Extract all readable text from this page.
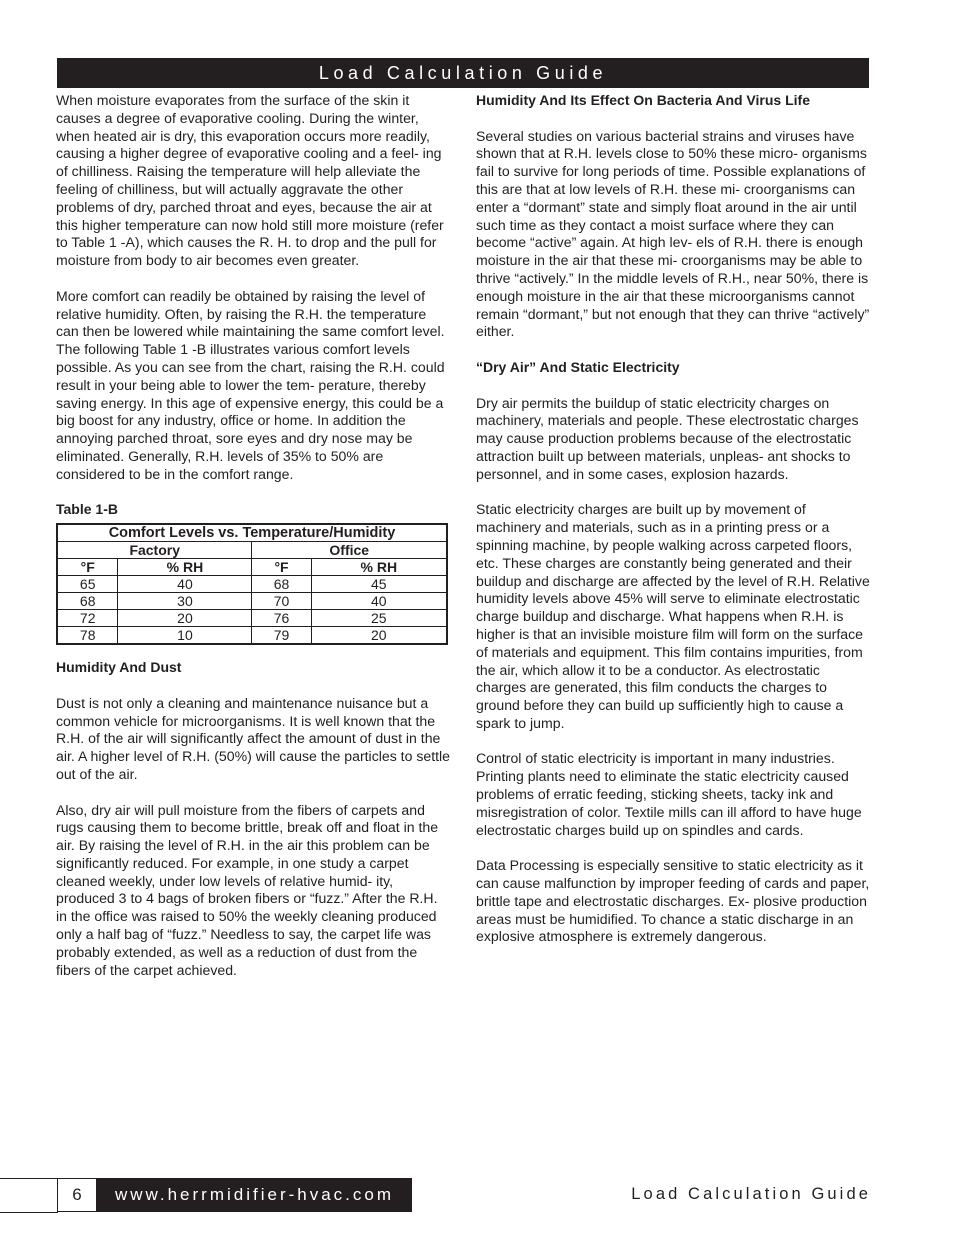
Load Calculation Guide

When moisture evaporates from the surface of the skin it causes a degree of evaporative cooling. During the winter, when heated air is dry, this evaporation occurs more readily, causing a higher degree of evaporative cooling and a feel- ing of chilliness. Raising the temperature will help alleviate the feeling of chilliness, but will actually aggravate the other problems of dry, parched throat and eyes, because the air at this higher temperature can now hold still more moisture (refer to Table 1 -A), which causes the R. H. to drop and the pull for moisture from body to air becomes even greater.

More comfort can readily be obtained by raising the level of relative humidity. Often, by raising the R.H. the temperature can then be lowered while maintaining the same comfort level. The following Table 1 -B illustrates various comfort levels possible. As you can see from the chart, raising the R.H. could result in your being able to lower the tem- perature, thereby saving energy. In this age of expensive energy, this could be a big boost for any industry, office or home. In addition the annoying parched throat, sore eyes and dry nose may be eliminated. Generally, R.H. levels of 35% to 50% are considered to be in the comfort range.

Table 1-B
Comfort Levels vs. Temperature/Humidity			
Factory		Office	
°F	% RH	°F	% RH
65	40	68	45
68	30	70	40
72	20	76	25
78	10	79	20
Humidity And Dust

Dust is not only a cleaning and maintenance nuisance but a common vehicle for microorganisms. It is well known that the R.H. of the air will significantly affect the amount of dust in the air. A higher level of R.H. (50%) will cause the particles to settle out of the air.

Also, dry air will pull moisture from the fibers of carpets and rugs causing them to become brittle, break off and float in the air. By raising the level of R.H. in the air this problem can be significantly reduced. For example, in one study a carpet cleaned weekly, under low levels of relative humid- ity, produced 3 to 4 bags of broken fibers or “fuzz.” After the R.H. in the office was raised to 50% the weekly cleaning produced only a half bag of “fuzz.” Needless to say, the carpet life was probably extended, as well as a reduction of dust from the fibers of the carpet achieved.

Humidity And Its Effect On Bacteria And Virus Life

Several studies on various bacterial strains and viruses have shown that at R.H. levels close to 50% these micro- organisms fail to survive for long periods of time. Possible explanations of this are that at low levels of R.H. these mi- croorganisms can enter a “dormant” state and simply float around in the air until such time as they contact a moist surface where they can become “active” again. At high lev- els of R.H. there is enough moisture in the air that these mi- croorganisms may be able to thrive “actively.” In the middle levels of R.H., near 50%, there is enough moisture in the air that these microorganisms cannot remain “dormant,” but not enough that they can thrive “actively” either.

“Dry Air” And Static Electricity

Dry air permits the buildup of static electricity charges on machinery, materials and people. These electrostatic charges may cause production problems because of the electrostatic attraction built up between materials, unpleas- ant shocks to personnel, and in some cases, explosion hazards.

Static electricity charges are built up by movement of machinery and materials, such as in a printing press or a spinning machine, by people walking across carpeted floors, etc. These charges are constantly being generated and their buildup and discharge are affected by the level of R.H. Relative humidity levels above 45% will serve to eliminate electrostatic charge buildup and discharge. What happens when R.H. is higher is that an invisible moisture film will form on the surface of materials and equipment. This film contains impurities, from the air, which allow it to be a conductor. As electrostatic charges are generated, this film conducts the charges to ground before they can build up sufficiently high to cause a spark to jump.

Control of static electricity is important in many industries. Printing plants need to eliminate the static electricity caused problems of erratic feeding, sticking sheets, tacky ink and misregistration of color. Textile mills can ill afford to have huge electrostatic charges build up on spindles and cards.

Data Processing is especially sensitive to static electricity as it can cause malfunction by improper feeding of cards and paper, brittle tape and electrostatic discharges. Ex- plosive production areas must be humidified. To chance a static discharge in an explosive atmosphere is extremely dangerous.

6 www.herrmidifier-hvac.com	Load Calculation Guide
